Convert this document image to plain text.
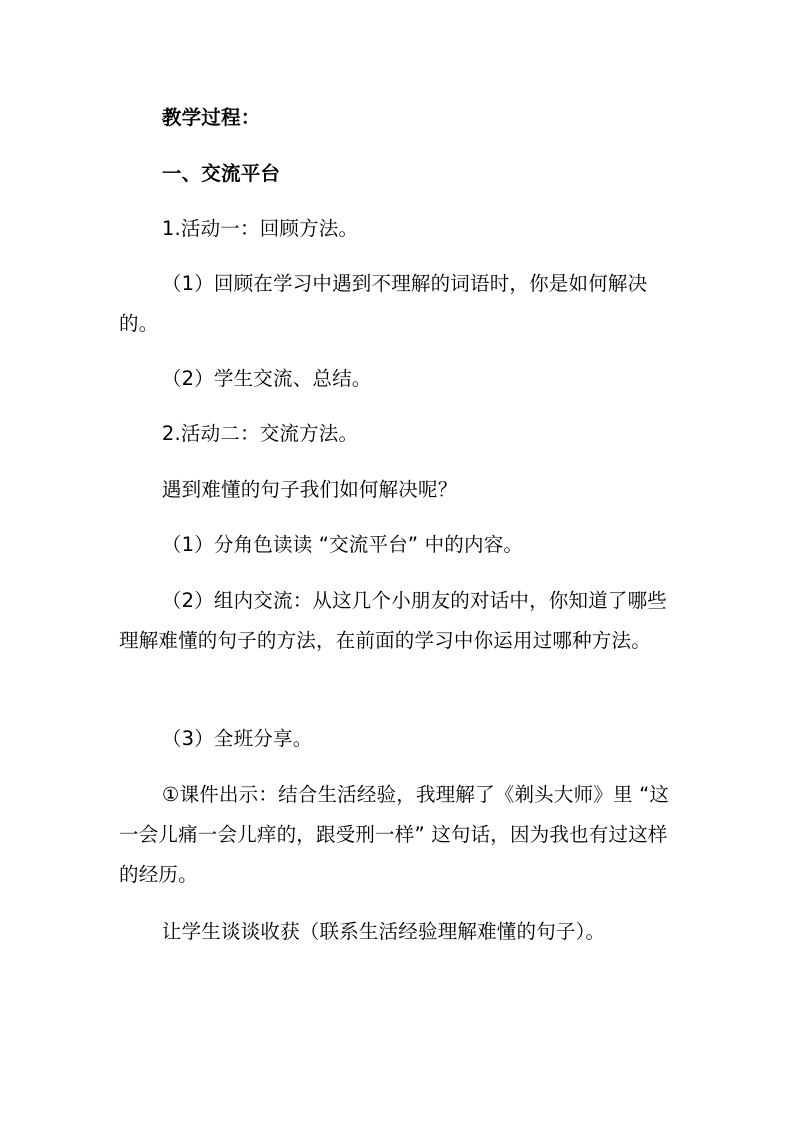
教学过程：

一、交流平台

1.活动一：回顾方法。

（1）回顾在学习中遇到不理解的词语时，你是如何解决的。

（2）学生交流、总结。

2.活动二：交流方法。

遇到难懂的句子我们如何解决呢？

（1）分角色读读 “交流平台” 中的内容。

（2）组内交流：从这几个小朋友的对话中，你知道了哪些理解难懂的句子的方法，在前面的学习中你运用过哪种方法。

（3）全班分享。

①课件出示：结合生活经验，我理解了《剃头大师》里 “这一会儿痛一会儿痒的，跟受刑一样” 这句话，因为我也有过这样的经历。

让学生谈谈收获（联系生活经验理解难懂的句子）。
